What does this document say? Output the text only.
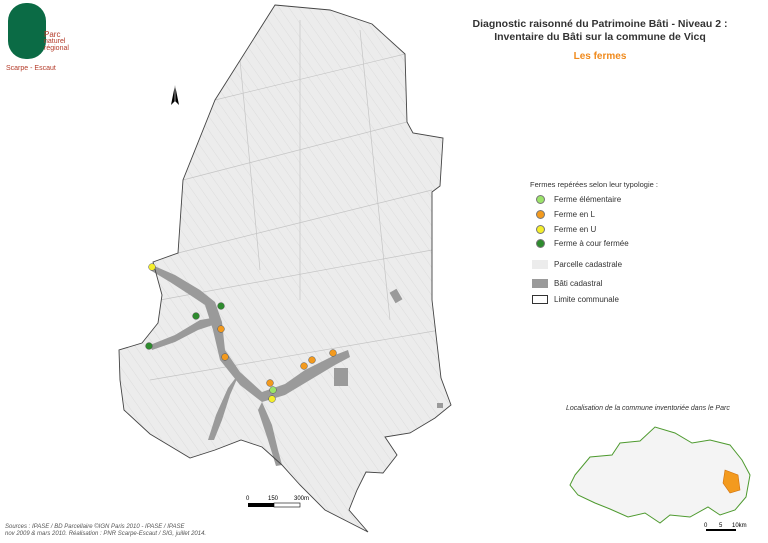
Parc
naturel
régional
Scarpe - Escaut
Diagnostic raisonné du Patrimoine Bâti - Niveau 2 :
Inventaire du Bâti sur la commune de Vicq
Les fermes
Fermes repérées selon leur typologie :
Ferme élémentaire
Ferme en L
Ferme en U
Ferme à cour fermée
Parcelle cadastrale
Bâti cadastral
Limite communale
Localisation de la commune inventoriée dans le Parc
0 5 10km
0	150	300m
Sources : IPASE / BD Parcellaire ©IGN Paris 2010 - IPASE / IPASE
nov 2009 & mars 2010. Réalisation : PNR Scarpe-Escaut / SIG, juillet 2014.
